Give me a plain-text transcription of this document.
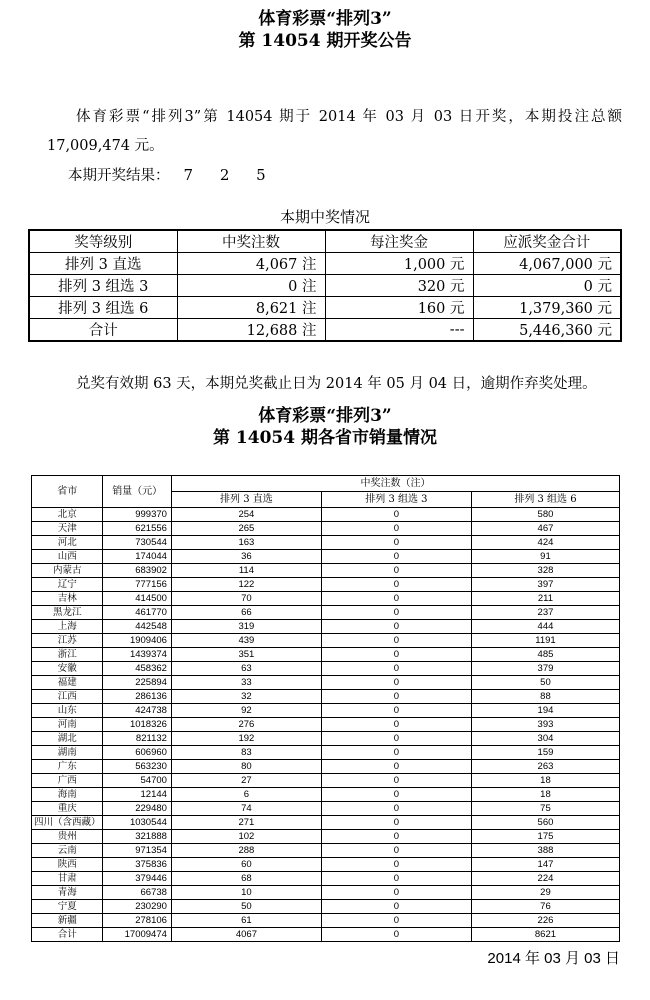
体育彩票“排列3”
第 14054 期开奖公告

体育彩票“排列3”第 14054 期于 2014 年 03 月 03 日开奖，本期投注总额 17,009,474 元。

本期开奖结果： 7 2 5
本期中奖情况
奖等级别	中奖注数	每注奖金	应派奖金合计
排列 3 直选	4,067 注	1,000 元	4,067,000 元
排列 3 组选 3	0 注	320 元	0 元
排列 3 组选 6	8,621 注	160 元	1,379,360 元
合计	12,688 注	---	5,446,360 元

兑奖有效期 63 天，本期兑奖截止日为 2014 年 05 月 04 日，逾期作弃奖处理。

体育彩票“排列3”
第 14054 期各省市销量情况
省市	销量（元）	中奖注数（注）		
		排列 3 直选	排列 3 组选 3	排列 3 组选 6
北京	999370	254	0	580
天津	621556	265	0	467
河北	730544	163	0	424
山西	174044	36	0	91
内蒙古	683902	114	0	328
辽宁	777156	122	0	397
吉林	414500	70	0	211
黑龙江	461770	66	0	237
上海	442548	319	0	444
江苏	1909406	439	0	1191
浙江	1439374	351	0	485
安徽	458362	63	0	379
福建	225894	33	0	50
江西	286136	32	0	88
山东	424738	92	0	194
河南	1018326	276	0	393
湖北	821132	192	0	304
湖南	606960	83	0	159
广东	563230	80	0	263
广西	54700	27	0	18
海南	12144	6	0	18
重庆	229480	74	0	75
四川（含西藏）	1030544	271	0	560
贵州	321888	102	0	175
云南	971354	288	0	388
陕西	375836	60	0	147
甘肃	379446	68	0	224
青海	66738	10	0	29
宁夏	230290	50	0	76
新疆	278106	61	0	226
合计	17009474	4067	0	8621
2014 年 03 月 03 日
